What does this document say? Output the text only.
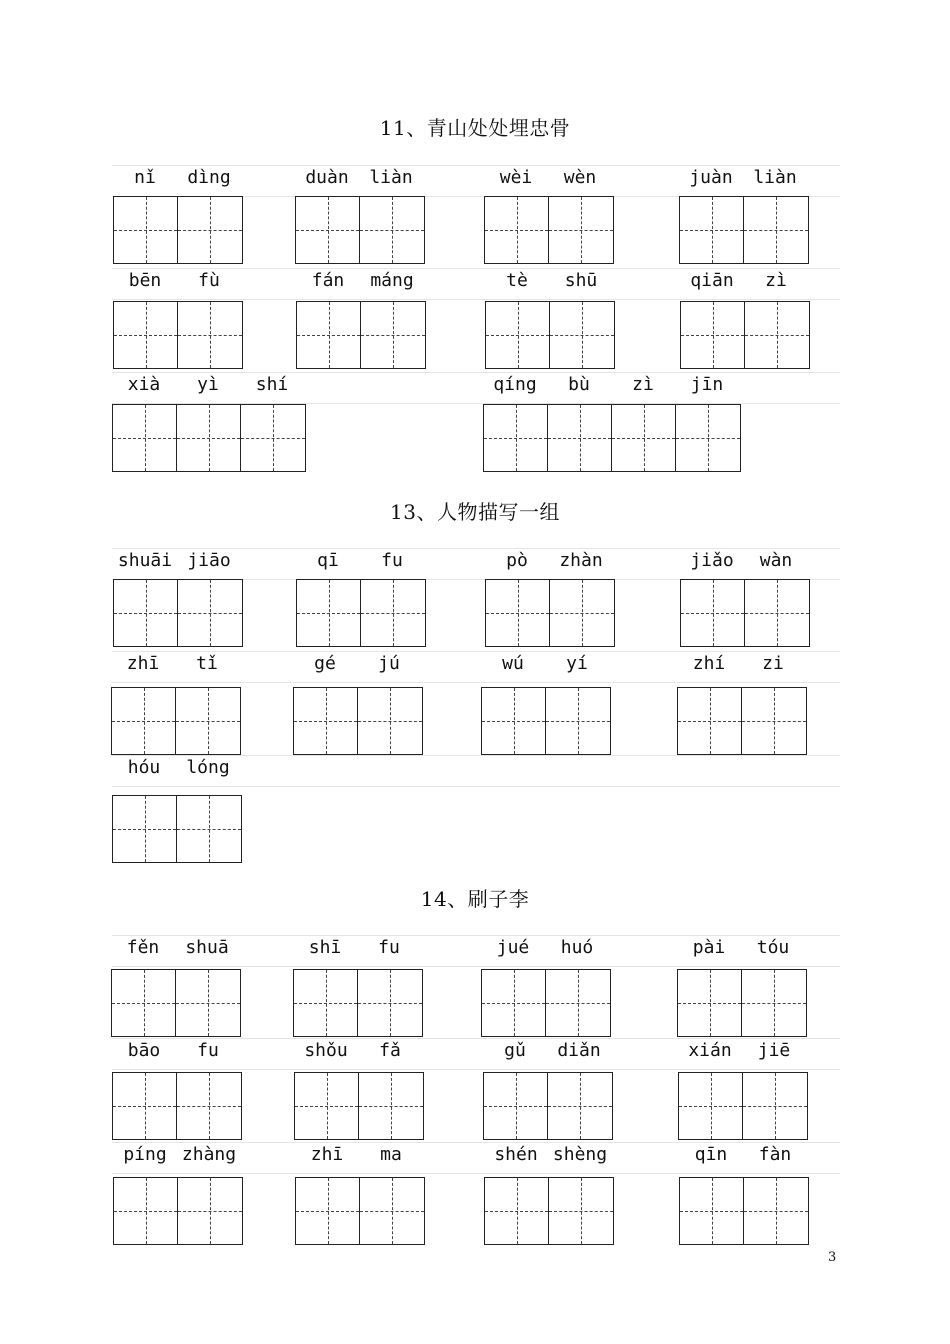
11、青山处处埋忠骨
nǐ	dìng	duàn	liàn	wèi	wèn	juàn	liàn
bēn	fù	fán	máng	tè	shū	qiān	zì
xià	yì	shí	qíng	bù	zì	jīn
13、人物描写一组
shuāi jiāo	qī	fu	pò	zhàn	jiǎo	wàn
zhī	tǐ	gé	jú	wú	yí	zhí	zi
hóu	lóng
14、刷子李
fěn	shuā	shī	fu	jué	huó	pài	tóu
bāo	fu	shǒu	fǎ	gǔ	diǎn	xián	jiē
píng zhàng	zhī	ma	shén shèng	qīn	fàn
3
